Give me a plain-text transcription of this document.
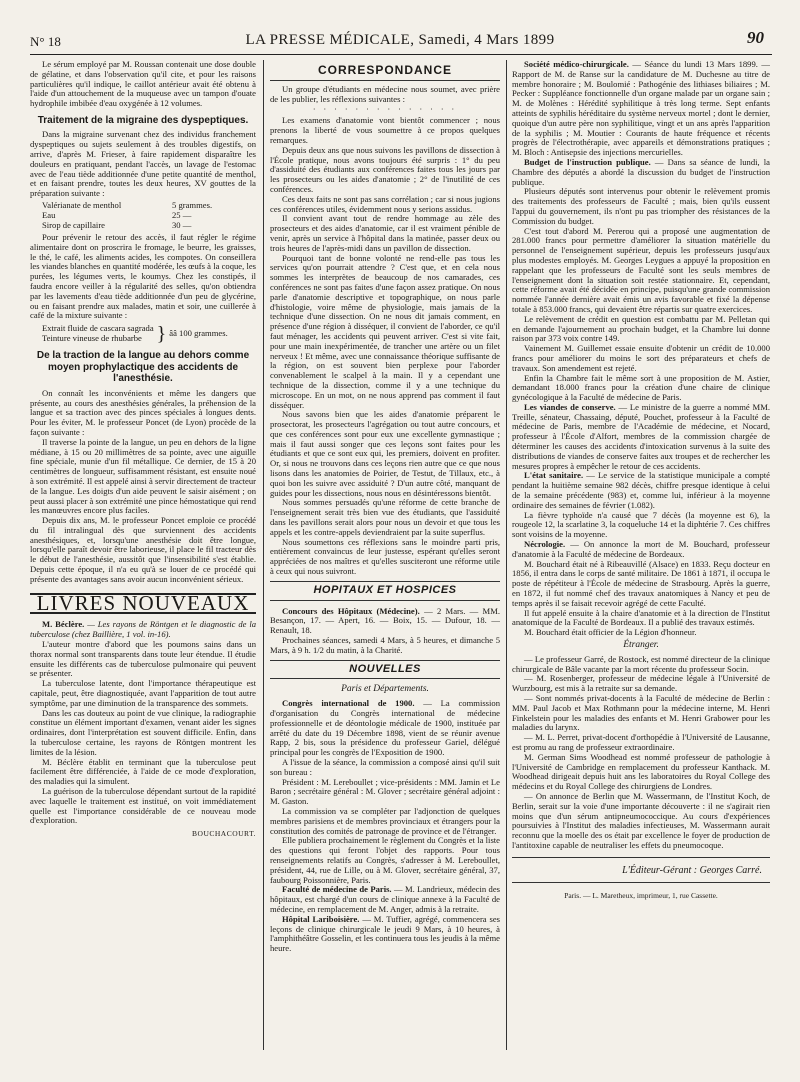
N° 18	LA PRESSE MÉDICALE, Samedi, 4 Mars 1899	90

Le sérum employé par M. Roussan contenait une dose double de gélatine, et dans l'observation qu'il cite, et pour les raisons particulières qu'il indique, le caillot antérieur avait été obtenu à l'aide d'un attouchement de la muqueuse avec un tampon d'ouate hydrophile imbibée d'eau oxygénée à 12 volumes.

Traitement de la migraine des dyspeptiques.

Dans la migraine survenant chez des individus franchement dyspeptiques ou sujets seulement à des troubles digestifs, on arrive, d'après M. Frieser, à faire rapidement disparaître les douleurs en pratiquant, pendant l'accès, un lavage de l'estomac avec de l'eau tiède additionnée d'une petite quantité de menthol, et en faisant prendre, toutes les deux heures, XV gouttes de la préparation suivante :

Valérianate de menthol	5 grammes.
Eau	25 —
Sirop de capillaire	30 —

Pour prévenir le retour des accès, il faut régler le régime alimentaire dont on proscrira le fromage, le beurre, les graisses, le thé, le café, les aliments acides, les compotes. On conseillera les viandes blanches en quantité modérée, les œufs à la coque, les purées, les légumes verts, le koumys. Chez les constipés, il faudra encore veiller à la régularité des selles, qu'on obtiendra par les lavements d'eau tiède additionnée d'un peu de glycérine, ou en faisant prendre aux malades, matin et soir, une cuillerée à café de la mixture suivante :

Extrait fluide de cascara sagrada
Teinture vineuse de rhubarbe } ââ 100 grammes.
De la traction de la langue au dehors comme moyen prophylactique des accidents de l'anesthésie.

On connaît les inconvénients et même les dangers que présente, au cours des anesthésies générales, la préhension de la langue et sa traction avec des pinces spéciales à longues dents. Pour les éviter, M. le professeur Poncet (de Lyon) procède de la façon suivante :

Il traverse la pointe de la langue, un peu en dehors de la ligne médiane, à 15 ou 20 millimètres de sa pointe, avec une aiguille fine spéciale, munie d'un fil métallique. Ce dernier, de 15 à 20 centimètres de longueur, suffisamment résistant, est ensuite noué à son extrémité. Il est appelé ainsi à servir directement de tracteur de la langue. Les doigts d'un aide peuvent le saisir aisément ; on peut aussi placer à son extrémité une pince hémostatique qui rend les manœuvres encore plus faciles.

Depuis dix ans, M. le professeur Poncet emploie ce procédé du fil intralingual dès que surviennent des accidents anesthésiques, et, lorsqu'une anesthésie doit être longue, lorsqu'elle paraît devoir être laborieuse, il place le fil tracteur dès le début de l'anesthésie, aussitôt que l'insensibilité s'est établie. Depuis cette époque, il n'a eu qu'à se louer de ce procédé qui présente des avantages sans avoir aucun inconvénient sérieux.

LIVRES NOUVEAUX

M. Béclère. — Les rayons de Röntgen et le diagnostic de la tuberculose (chez Baillière, 1 vol. in-16).

L'auteur montre d'abord que les poumons sains dans un thorax normal sont transparents dans toute leur étendue. Il étudie ensuite les différents cas de tuberculose pulmonaire qui peuvent se présenter.

La tuberculose latente, dont l'importance thérapeutique est capitale, peut, être diagnostiquée, avant l'apparition de tout autre symptôme, par une diminution de la transparence des sommets.

Dans les cas douteux au point de vue clinique, la radiographie constitue un élément important d'examen, venant aider les signes ordinaires, dont l'interprétation est souvent difficile. Enfin, dans la tuberculose certaine, les rayons de Röntgen montrent les limites de la lésion.

M. Béclère établit en terminant que la tuberculose peut facilement être différenciée, à l'aide de ce mode d'exploration, des maladies qui la simulent.

La guérison de la tuberculose dépendant surtout de la rapidité avec laquelle le traitement est institué, on voit immédiatement quelle est l'importance considérable de ce nouveau mode d'exploration.

BOUCHACOURT.
CORRESPONDANCE

Un groupe d'étudiants en médecine nous soumet, avec prière de les publier, les réflexions suivantes :

· · · · · · · · · · · · · ·

Les examens d'anatomie vont bientôt commencer ; nous prenons la liberté de vous soumettre à ce propos quelques remarques.

Depuis deux ans que nous suivons les pavillons de dissection à l'École pratique, nous avons toujours été surpris : 1° du peu d'assiduité des étudiants aux conférences faites tous les jours par les prosecteurs ou les aides d'anatomie ; 2° de l'inutilité de ces conférences.

Ces deux faits ne sont pas sans corrélation ; car si nous jugions ces conférences utiles, évidemment nous y serions assidus.

Il convient avant tout de rendre hommage au zèle des prosecteurs et des aides d'anatomie, car il est vraiment pénible de venir, après un service à l'hôpital dans la matinée, passer deux ou trois heures de l'après-midi dans un pavillon de dissection.

Pourquoi tant de bonne volonté ne rend-elle pas tous les services qu'on pourrait attendre ? C'est que, et en cela nous sommes les interprètes de beaucoup de nos camarades, ces conférences ne sont pas faites d'une façon assez pratique. On nous parle d'anatomie descriptive et topographique, on nous parle d'histologie, voire même de physiologie, mais jamais de la technique d'une dissection. On ne nous dit jamais comment, en présence d'une région à disséquer, il convient de l'aborder, ce qu'il faut ménager, les accidents qui peuvent arriver. C'est si vite fait, pour une main inexpérimentée, de trancher une artère ou un filet nerveux ! Et même, avec une connaissance théorique suffisante de la région, on est souvent bien perplexe pour l'aborder convenablement le scalpel à la main. Il y a cependant une technique de la dissection, comme il y a une technique du microscope. En un mot, on ne nous apprend pas comment il faut disséquer.

Nous savons bien que les aides d'anatomie préparent le prosectorat, les prosecteurs l'agrégation ou tout autre concours, et que ces conférences sont pour eux une excellente gymnastique ; mais il faut aussi songer que ces leçons sont faites pour les étudiants et que ce sont eux qui, les premiers, doivent en profiter. Or, si nous ne trouvons dans ces leçons rien autre que ce que nous lisons dans les anatomies de Poirier, de Testut, de Tillaux, etc., à quoi bon les suivre avec assiduité ? D'un autre côté, manquant de guides pour les dissections, nous nous en désintéressons bientôt.

Nous sommes persuadés qu'une réforme de cette branche de l'enseignement serait très bien vue des étudiants, que l'assiduité dans les pavillons serait alors pour nous un devoir et que tous les appels et les contre-appels deviendraient par la suite superflus.

Nous soumettons ces réflexions sans le moindre parti pris, entièrement convaincus de leur justesse, espérant qu'elles seront appréciées de nos maîtres et qu'elles susciteront une réforme utile à ceux qui nous suivront.

HOPITAUX ET HOSPICES

Concours des Hôpitaux (Médecine). — 2 Mars. — MM. Besançon, 17. — Apert, 16. — Boix, 15. — Dufour, 18. — Renault, 18.

Prochaines séances, samedi 4 Mars, à 5 heures, et dimanche 5 Mars, à 9 h. 1/2 du matin, à la Charité.

NOUVELLES
Paris et Départements.

Congrès international de 1900. — La commission d'organisation du Congrès international de médecine professionnelle et de déontologie médicale de 1900, instituée par arrêté du date du 19 Décembre 1898, vient de se réunir avenue Rapp, 2 bis, sous la présidence du professeur Gariel, délégué principal pour les congrès de l'Exposition de 1900.

A l'issue de la séance, la commission a composé ainsi qu'il suit son bureau :

Président : M. Lereboullet ; vice-présidents : MM. Jamin et Le Baron ; secrétaire général : M. Glover ; secrétaire général adjoint : M. Gaston.

La commission va se compléter par l'adjonction de quelques membres parisiens et de membres provinciaux et étrangers pour la constitution des comités de patronage de province et de l'étranger.

Elle publiera prochainement le règlement du Congrès et la liste des questions qui feront l'objet des rapports. Pour tous renseignements relatifs au Congrès, s'adresser à M. Lereboullet, président, 44, rue de Lille, ou à M. Glover, secrétaire général, 37, faubourg Poissonnière, Paris.

Faculté de médecine de Paris. — M. Landrieux, médecin des hôpitaux, est chargé d'un cours de clinique annexe à la Faculté de médecine, en remplacement de M. Anger, admis à la retraite.

Hôpital Lariboisière. — M. Tuffier, agrégé, commencera ses leçons de clinique chirurgicale le jeudi 9 Mars, à 10 heures, à l'amphithéâtre Gosselin, et les continuera tous les jeudis à la même heure.

Société médico-chirurgicale. — Séance du lundi 13 Mars 1899. — Rapport de M. de Ranse sur la candidature de M. Duchesne au titre de membre honoraire ; M. Boulomié : Pathogénie des lithiases biliaires ; M. Pecker : Suppléance fonctionnelle d'un organe malade par un organe sain ; M. de Molènes : Hérédité syphilitique à très long terme. Sept enfants atteints de syphilis héréditaire du système nerveux mortel ; dont le dernier, quoique d'un autre père non syphilitique, vingt et un ans après l'apparition de la syphilis ; M. Moutier : Courants de haute fréquence et récents progrès de l'électrothérapie, avec appareils et démonstrations pratiques ; M. Bloch : Antisepsie des injections mercurielles.

Budget de l'instruction publique. — Dans sa séance de lundi, la Chambre des députés a abordé la discussion du budget de l'instruction publique.

Plusieurs députés sont intervenus pour obtenir le relèvement promis des traitements des professeurs de Faculté ; mais, bien qu'ils eussent l'appui du gouvernement, ils n'ont pu pas triompher des résistances de la Commission du budget.

C'est tout d'abord M. Pererou qui a proposé une augmentation de 281.000 francs pour permettre d'améliorer la situation matérielle du personnel de l'enseignement supérieur, depuis les professeurs jusqu'aux plus modestes employés. M. Georges Leygues a appuyé la proposition en rappelant que les professeurs de Faculté sont les seuls membres de l'enseignement dont la situation soit restée stationnaire. Et, cependant, cette réforme avait été décidée en principe, puisqu'une grande commission nommée l'année dernière avait émis un avis favorable et fixé la dépense totale à 853.000 francs, qui devaient être répartis sur quatre exercices.

Le relèvement de crédit en question est combattu par M. Pelletan qui en demande l'ajournement au prochain budget, et la Chambre lui donne raison par 373 voix contre 149.

Vainement M. Guillemet essaie ensuite d'obtenir un crédit de 10.000 francs pour améliorer du moins le sort des préparateurs et chefs de travaux. Son amendement est rejeté.

Enfin la Chambre fait le même sort à une proposition de M. Astier, demandant 18.000 francs pour la création d'une chaire de clinique gynécologique à la Faculté de médecine de Paris.

Les viandes de conserve. — Le ministre de la guerre a nommé MM. Treille, sénateur, Chassaing, député, Pouchet, professeur à la Faculté de médecine de Paris, membre de l'Académie de médecine, et Nocard, professeur à l'École d'Alfort, membres de la commission chargée de déterminer les causes des accidents d'intoxication survenus à la suite des distributions de viandes de conserve faites aux troupes et de rechercher les mesures propres à empêcher le retour de ces accidents.

L'état sanitaire. — Le service de la statistique municipale a compté pendant la huitième semaine 982 décès, chiffre presque identique à celui de la semaine précédente (983) et, comme lui, inférieur à la moyenne ordinaire des semaines de février (1.082).

La fièvre typhoïde n'a causé que 7 décès (la moyenne est 6), la rougeole 12, la scarlatine 3, la coqueluche 14 et la diphtérie 7. Ces chiffres sont voisins de la moyenne.

Nécrologie. — On annonce la mort de M. Bouchard, professeur d'anatomie à la Faculté de médecine de Bordeaux.

M. Bouchard était né à Ribeauvillé (Alsace) en 1833. Reçu docteur en 1856, il entra dans le corps de santé militaire. De 1861 à 1871, il occupa le poste de répétiteur à l'École de médecine de Strasbourg. Après la guerre, en 1872, il fut nommé chef des travaux anatomiques à Nancy et peu de temps après il se faisait recevoir agrégé de cette Faculté.

Il fut appelé ensuite à la chaire d'anatomie et à la direction de l'Institut anatomique de la Faculté de Bordeaux. Il a publié des travaux estimés.

M. Bouchard était officier de la Légion d'honneur.

Étranger.

— Le professeur Garré, de Rostock, est nommé directeur de la clinique chirurgicale de Bâle vacante par la mort récente du professeur Socin.

— M. Rosenberger, professeur de médecine légale à l'Université de Wurzbourg, est mis à la retraite sur sa demande.

— Sont nommés privat-docents à la Faculté de médecine de Berlin : MM. Paul Jacob et Max Rothmann pour la médecine interne, M. Henri Finkelstein pour les maladies des enfants et M. Henri Grabower pour les maladies du larynx.

— M. L. Perret, privat-docent d'orthopédie à l'Université de Lausanne, est promu au rang de professeur extraordinaire.

M. German Sims Woodhead est nommé professeur de pathologie à l'Université de Cambridge en remplacement du professeur Kanthack. M. Woodhead dirigeait depuis huit ans les laboratoires du Royal College des médecins et du Royal College des chirurgiens de Londres.

— On annonce de Berlin que M. Wassermann, de l'Institut Koch, de Berlin, serait sur la voie d'une importante découverte : il ne s'agirait rien moins que d'un sérum antipneumococcique. Au cours d'expériences poursuivies à l'Institut des maladies infectieuses, M. Wassermann aurait reconnu que la moelle des os était par excellence le foyer de production de l'antitoxine capable de neutraliser les effets du pneumocoque.

L'Éditeur-Gérant : Georges Carré.
Paris. — L. Maretheux, imprimeur, 1, rue Cassette.
